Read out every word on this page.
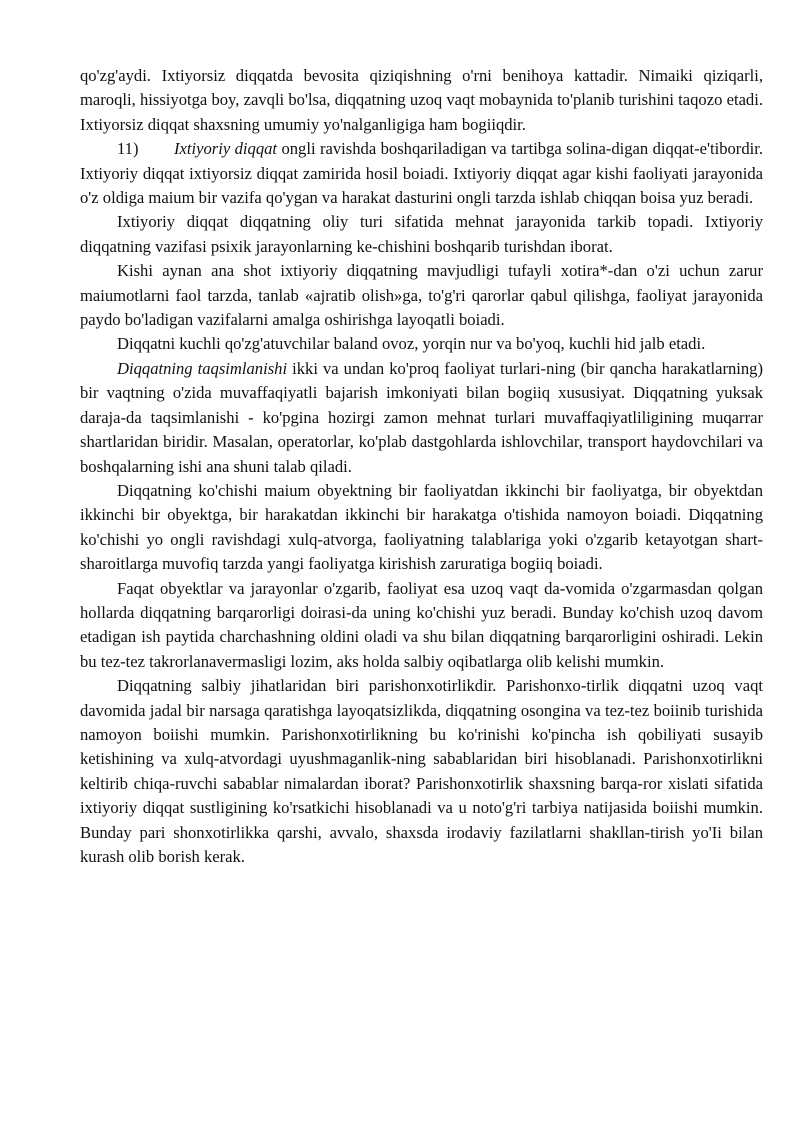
qo'zg'aydi. Ixtiyorsiz diqqatda bevosita qiziqishning o'rni benihoya kattadir. Nimaiki qiziqarli, maroqli, hissiyotga boy, zavqli bo'lsa, diqqatning uzoq vaqt mobaynida to'planib turishini taqozo etadi. Ixtiyorsiz diqqat shaxsning umumiy yo'nalganligiga ham bogiiqdir.

11) Ixtiyoriy diqqat ongli ravishda boshqariladigan va tartibga solina-digan diqqat-e'tibordir. Ixtiyoriy diqqat ixtiyorsiz diqqat zamirida hosil boiadi. Ixtiyoriy diqqat agar kishi faoliyati jarayonida o'z oldiga maium bir vazifa qo'ygan va harakat dasturini ongli tarzda ishlab chiqqan boisa yuz beradi.

Ixtiyoriy diqqat diqqatning oliy turi sifatida mehnat jarayonida tarkib topadi. Ixtiyoriy diqqatning vazifasi psixik jarayonlarning ke-chishini boshqarib turishdan iborat.

Kishi aynan ana shot ixtiyoriy diqqatning mavjudligi tufayli xotira*-dan o'zi uchun zarur maiumotlarni faol tarzda, tanlab «ajratib olish»ga, to'g'ri qarorlar qabul qilishga, faoliyat jarayonida paydo bo'ladigan vazifalarni amalga oshirishga layoqatli boiadi.

Diqqatni kuchli qo'zg'atuvchilar baland ovoz, yorqin nur va bo'yoq, kuchli hid jalb etadi.

Diqqatning taqsimlanishi ikki va undan ko'proq faoliyat turlari-ning (bir qancha harakatlarning) bir vaqtning o'zida muvaffaqiyatli bajarish imkoniyati bilan bogiiq xususiyat. Diqqatning yuksak daraja-da taqsimlanishi - ko'pgina hozirgi zamon mehnat turlari muvaffaqiyatliligining muqarrar shartlaridan biridir. Masalan, operatorlar, ko'plab dastgohlarda ishlovchilar, transport haydovchilari va boshqalarning ishi ana shuni talab qiladi.

Diqqatning ko'chishi maium obyektning bir faoliyatdan ikkinchi bir faoliyatga, bir obyektdan ikkinchi bir obyektga, bir harakatdan ikkinchi bir harakatga o'tishida namoyon boiadi. Diqqatning ko'chishi yo ongli ravishdagi xulq-atvorga, faoliyatning talablariga yoki o'zgarib ketayotgan shart-sharoitlarga muvofiq tarzda yangi faoliyatga kirishish zaruratiga bogiiq boiadi.

Faqat obyektlar va jarayonlar o'zgarib, faoliyat esa uzoq vaqt da-vomida o'zgarmasdan qolgan hollarda diqqatning barqarorligi doirasi-da uning ko'chishi yuz beradi. Bunday ko'chish uzoq davom etadigan ish paytida charchashning oldini oladi va shu bilan diqqatning barqarorligini oshiradi. Lekin bu tez-tez takrorlanavermasligi lozim, aks holda salbiy oqibatlarga olib kelishi mumkin.

Diqqatning salbiy jihatlaridan biri parishonxotirlikdir. Parishonxo-tirlik diqqatni uzoq vaqt davomida jadal bir narsaga qaratishga layoqatsizlikda, diqqatning osongina va tez-tez boiinib turishida namoyon boiishi mumkin. Parishonxotirlikning bu ko'rinishi ko'pincha ish qobiliyati susayib ketishining va xulq-atvordagi uyushmaganlik-ning sabablaridan biri hisoblanadi. Parishonxotirlikni keltirib chiqa-ruvchi sabablar nimalardan iborat? Parishonxotirlik shaxsning barqa-ror xislati sifatida ixtiyoriy diqqat sustligining ko'rsatkichi hisoblanadi va u noto'g'ri tarbiya natijasida boiishi mumkin. Bunday pari shonxotirlikka qarshi, avvalo, shaxsda irodaviy fazilatlarni shakllan-tirish yo'Ii bilan kurash olib borish kerak.
